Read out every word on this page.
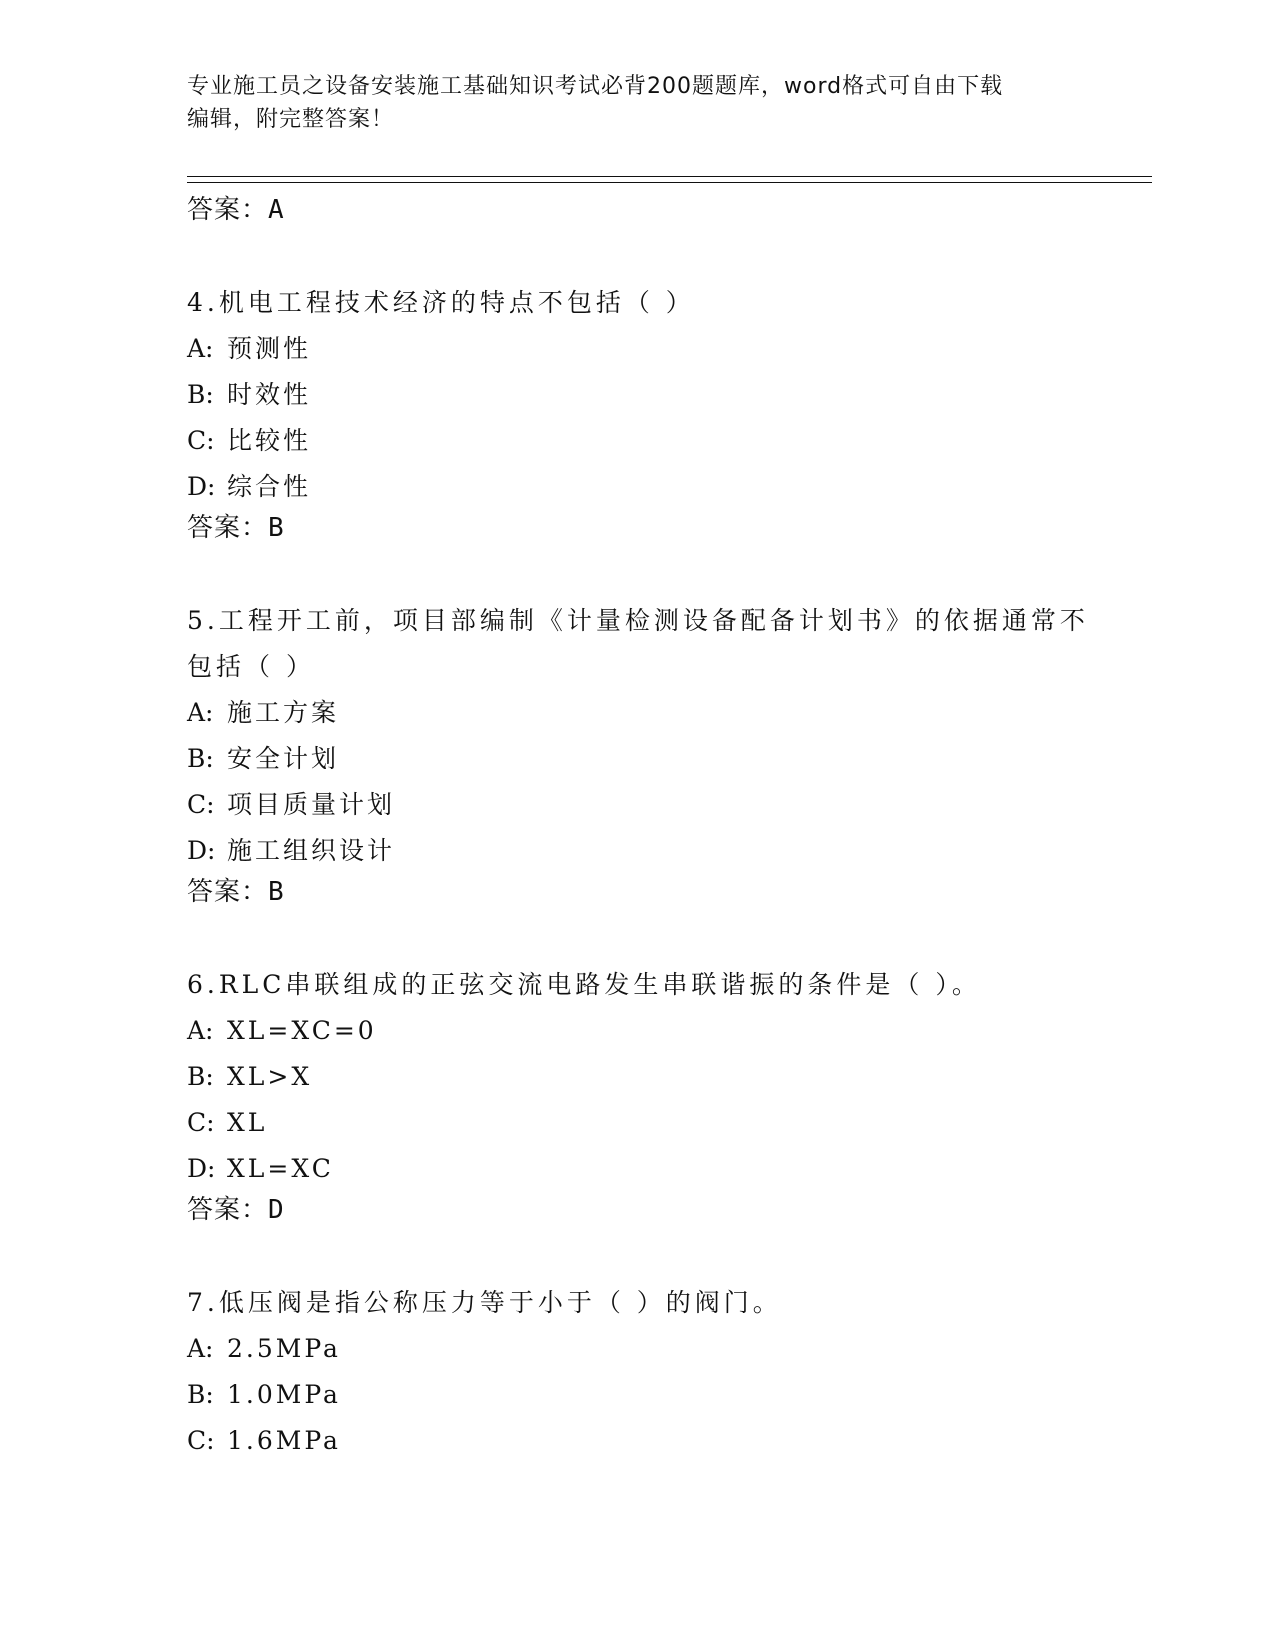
专业施工员之设备安装施工基础知识考试必背200题题库，word格式可自由下载
编辑，附完整答案！
答案：A
4.机电工程技术经济的特点不包括（ ）
A: 预测性
B: 时效性
C: 比较性
D: 综合性
答案：B
5.工程开工前，项目部编制《计量检测设备配备计划书》的依据通常不包括（ ）
A: 施工方案
B: 安全计划
C: 项目质量计划
D: 施工组织设计
答案：B
6.RLC串联组成的正弦交流电路发生串联谐振的条件是（ ）。
A: XL=XC=0
B: XL>X
C: XL
D: XL=XC
答案：D
7.低压阀是指公称压力等于小于（ ）的阀门。
A: 2.5MPa
B: 1.0MPa
C: 1.6MPa
